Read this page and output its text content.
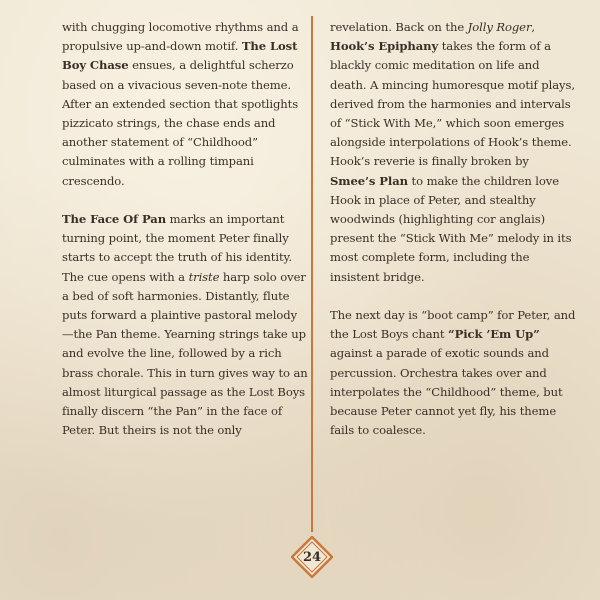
with chugging locomotive rhythms and a propulsive up-and-down motif. The Lost Boy Chase ensues, a delightful scherzo based on a vivacious seven-note theme. After an extended section that spotlights pizzicato strings, the chase ends and another statement of “Childhood” culminates with a rolling timpani crescendo.

The Face Of Pan marks an important turning point, the moment Peter finally starts to accept the truth of his identity. The cue opens with a triste harp solo over a bed of soft harmonies. Distantly, flute puts forward a plaintive pastoral melody—the Pan theme. Yearning strings take up and evolve the line, followed by a rich brass chorale. This in turn gives way to an almost liturgical passage as the Lost Boys finally discern “the Pan” in the face of Peter. But theirs is not the only

revelation. Back on the Jolly Roger, Hook’s Epiphany takes the form of a blackly comic meditation on life and death. A mincing humoresque motif plays, derived from the harmonies and intervals of “Stick With Me,” which soon emerges alongside interpolations of Hook’s theme. Hook’s reverie is finally broken by Smee’s Plan to make the children love Hook in place of Peter, and stealthy woodwinds (highlighting cor anglais) present the “Stick With Me” melody in its most complete form, including the insistent bridge.

The next day is “boot camp” for Peter, and the Lost Boys chant “Pick ’Em Up” against a parade of exotic sounds and percussion. Orchestra takes over and interpolates the “Childhood” theme, but because Peter cannot yet fly, his theme fails to coalesce.

24
